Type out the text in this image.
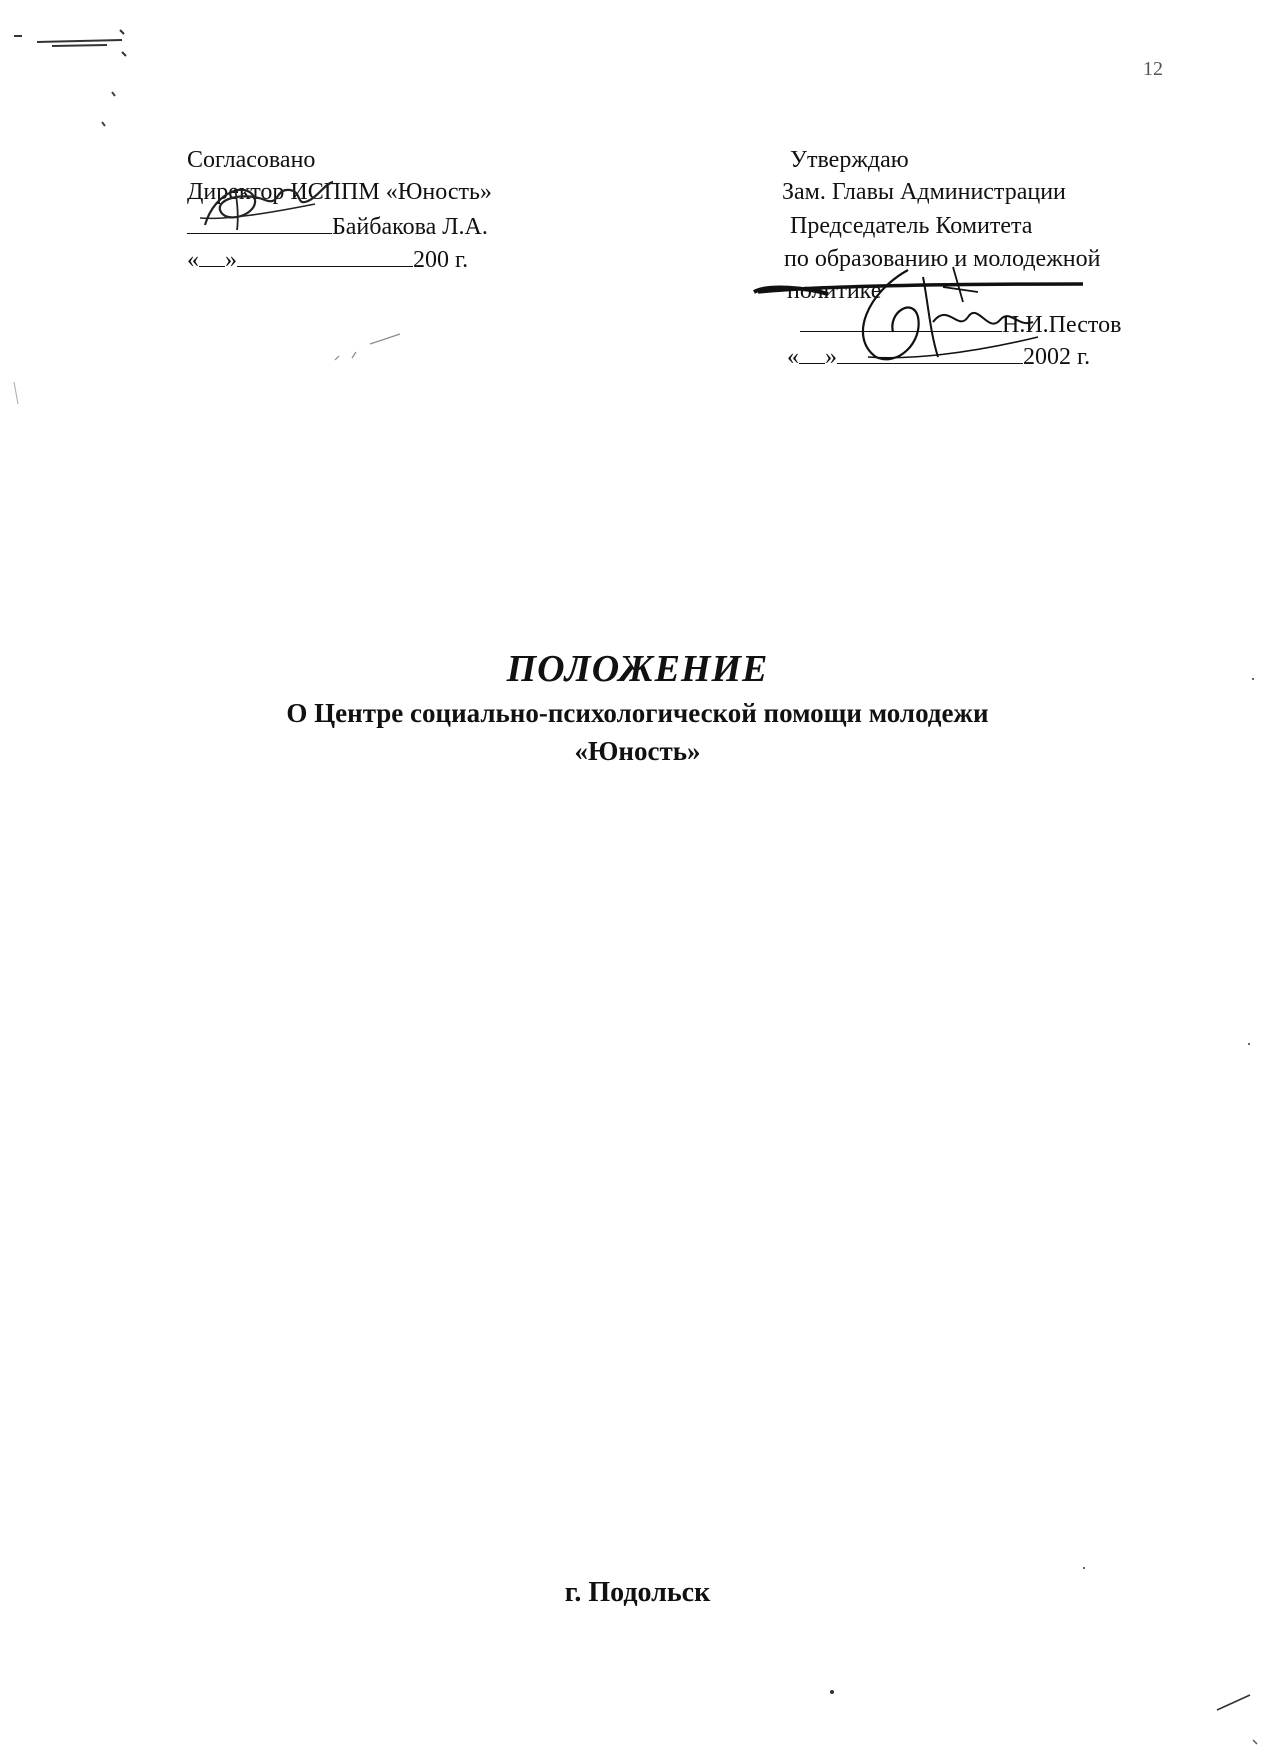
12
Согласовано
Директор ИСППМ «Юность»
Байбакова Л.А.
« »	200 г.
Утверждаю
Зам. Главы Администрации
Председатель Комитета
по образованию и молодежной
политике
Н.И.Пестов
« »	2002 г.
ПОЛОЖЕНИЕ
О Центре социально-психологической помощи молодежи
«Юность»
г. Подольск
